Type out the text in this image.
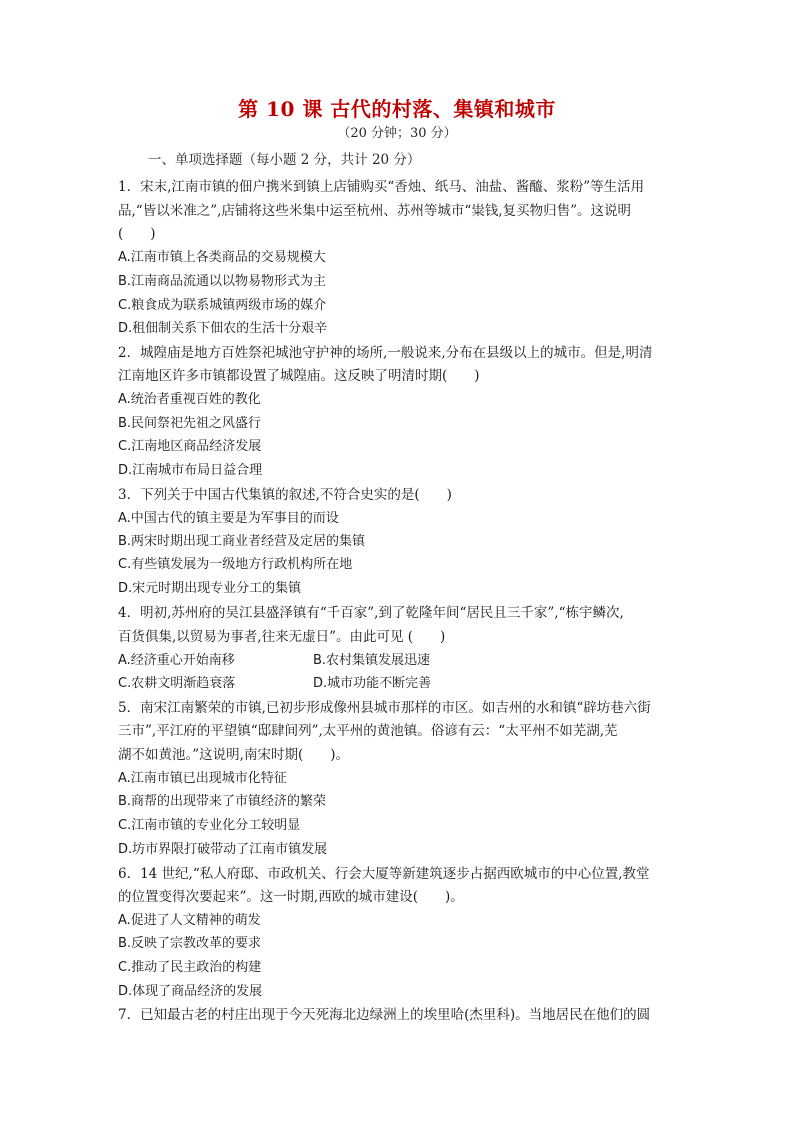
第 10 课 古代的村落、集镇和城市
（20 分钟；30 分）
一、单项选择题（每小题 2 分，共计 20 分）
1．宋末,江南市镇的佃户携米到镇上店铺购买“香烛、纸马、油盐、酱醯、浆粉”等生活用
品,“皆以米准之”,店铺将这些米集中运至杭州、苏州等城市“粜钱,复买物归售”。这说明
(　　)
A.江南市镇上各类商品的交易规模大
B.江南商品流通以以物易物形式为主
C.粮食成为联系城镇两级市场的媒介
D.租佃制关系下佃农的生活十分艰辛
2．城隍庙是地方百姓祭祀城池守护神的场所,一般说来,分布在县级以上的城市。但是,明清
江南地区许多市镇都设置了城隍庙。这反映了明清时期(　　)
A.统治者重视百姓的教化
B.民间祭祀先祖之风盛行
C.江南地区商品经济发展
D.江南城市布局日益合理
3．下列关于中国古代集镇的叙述,不符合史实的是(　　)
A.中国古代的镇主要是为军事目的而设
B.两宋时期出现工商业者经营及定居的集镇
C.有些镇发展为一级地方行政机构所在地
D.宋元时期出现专业分工的集镇
4．明初,苏州府的吴江县盛泽镇有“千百家”,到了乾隆年间“居民且三千家”,“栋宇鳞次,
百货俱集,以贸易为事者,往来无虚日”。由此可见 (　　)
A.经济重心开始南移	B.农村集镇发展迅速
C.农耕文明渐趋衰落	D.城市功能不断完善
5．南宋江南繁荣的市镇,已初步形成像州县城市那样的市区。如吉州的水和镇“辟坊巷六街
三市”,平江府的平望镇“邸肆间列”,太平州的黄池镇。俗谚有云：“太平州不如芜湖,芜
湖不如黄池。”这说明,南宋时期(　　)。
A.江南市镇已出现城市化特征
B.商帮的出现带来了市镇经济的繁荣
C.江南市镇的专业化分工较明显
D.坊市界限打破带动了江南市镇发展
6．14 世纪,“私人府邸、市政机关、行会大厦等新建筑逐步占据西欧城市的中心位置,教堂
的位置变得次要起来”。这一时期,西欧的城市建设(　　)。
A.促进了人文精神的萌发
B.反映了宗教改革的要求
C.推动了民主政治的构建
D.体现了商品经济的发展
7．已知最古老的村庄出现于今天死海北边绿洲上的埃里哈(杰里科)。当地居民在他们的圆
